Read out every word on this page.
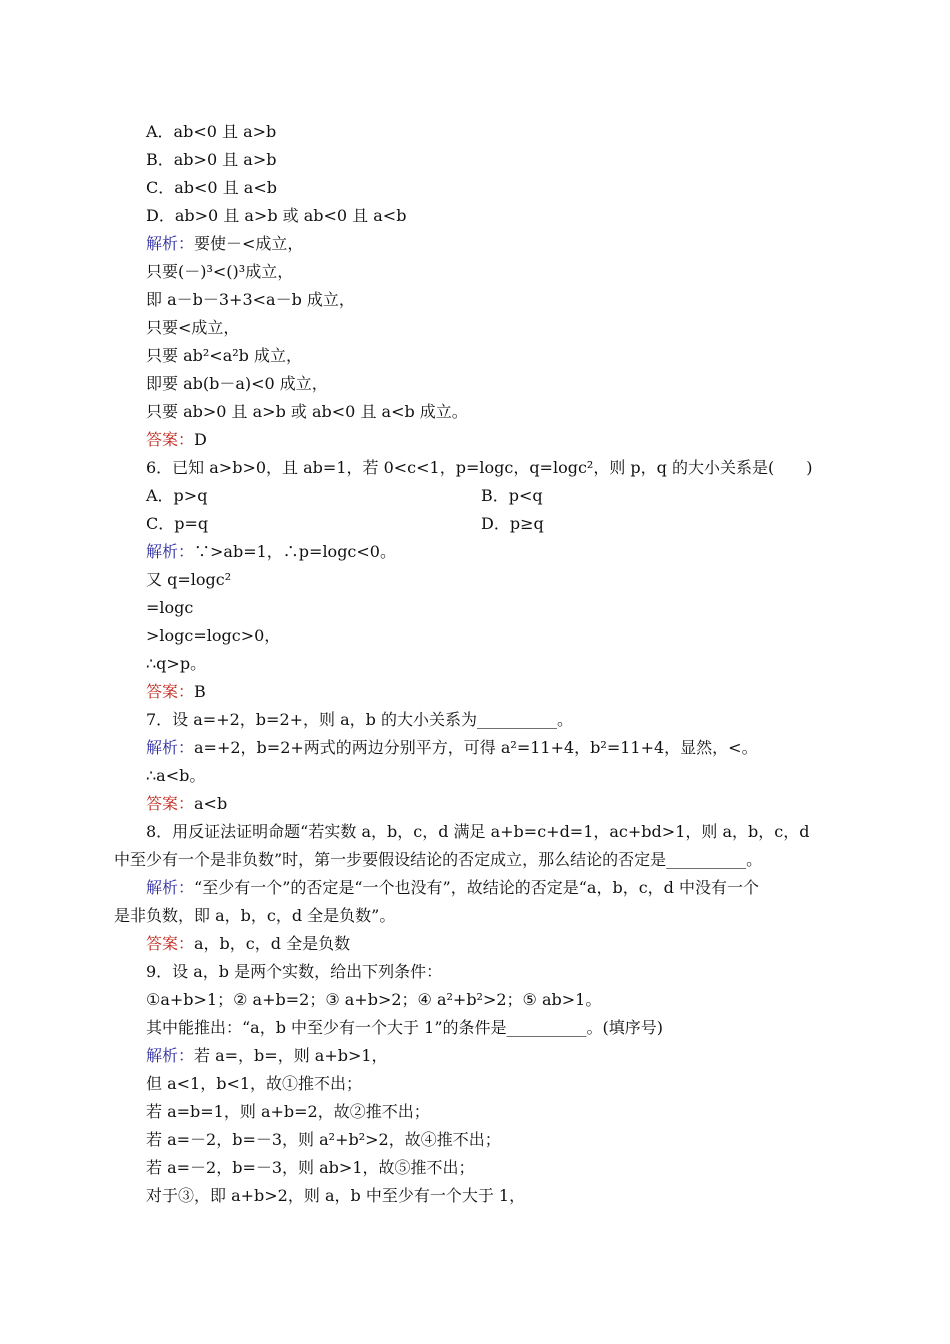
A．ab<0 且 a>b
B．ab>0 且 a>b
C．ab<0 且 a<b
D．ab>0 且 a>b 或 ab<0 且 a<b
解析：要使－<成立，
只要(－)³<()³成立，
即 a－b－3+3<a－b 成立，
只要<成立，
只要 ab²<a²b 成立，
即要 ab(b－a)<0 成立，
只要 ab>0 且 a>b 或 ab<0 且 a<b 成立。
答案：D
6．已知 a>b>0，且 ab=1，若 0<c<1，p=logc，q=logc²，则 p，q 的大小关系是(　　)
A．p>q	B．p<q
C．p=q	D．p≥q
解析：∵>ab=1，∴p=logc<0。
又 q=logc²
=logc
>logc=logc>0，
∴q>p。
答案：B
7．设 a=+2，b=2+，则 a，b 的大小关系为__________。
解析：a=+2，b=2+两式的两边分别平方，可得 a²=11+4，b²=11+4，显然，<。
∴a<b。
答案：a<b
8．用反证法证明命题“若实数 a，b，c，d 满足 a+b=c+d=1，ac+bd>1，则 a，b，c，d
中至少有一个是非负数”时，第一步要假设结论的否定成立，那么结论的否定是__________。
解析：“至少有一个”的否定是“一个也没有”，故结论的否定是“a，b，c，d 中没有一个
是非负数，即 a，b，c，d 全是负数”。
答案：a，b，c，d 全是负数
9．设 a，b 是两个实数，给出下列条件：
①a+b>1；② a+b=2；③ a+b>2；④ a²+b²>2；⑤ ab>1。
其中能推出：“a，b 中至少有一个大于 1”的条件是__________。(填序号)
解析：若 a=，b=，则 a+b>1，
但 a<1，b<1，故①推不出；
若 a=b=1，则 a+b=2，故②推不出；
若 a=－2，b=－3，则 a²+b²>2，故④推不出；
若 a=－2，b=－3，则 ab>1，故⑤推不出；
对于③，即 a+b>2，则 a，b 中至少有一个大于 1，
